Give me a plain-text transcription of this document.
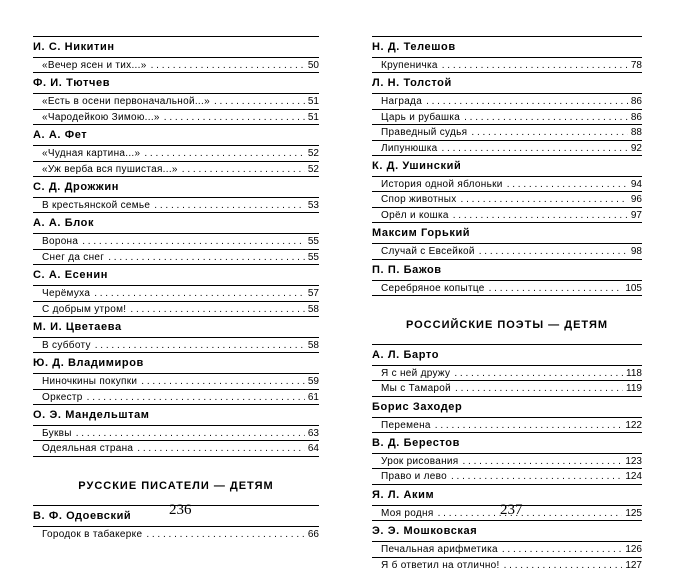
И. С. Никитин
«Вечер ясен и тих...» . . .	50
Ф. И. Тютчев
«Есть в осени первоначальной...» . . .	51
«Чародейкою Зимою...» . . .	51
А. А. Фет
«Чудная картина...» . . .	52
«Уж верба вся пушистая...» . . .	52
С. Д. Дрожжин
В крестьянской семье . . .	53
А. А. Блок
Ворона . . .	55
Снег да снег . . .	55
С. А. Есенин
Черёмуха . . .	57
С добрым утром! . . .	58
М. И. Цветаева
В субботу . . .	58
Ю. Д. Владимиров
Ниночкины покупки . . .	59
Оркестр . . .	61
О. Э. Мандельштам
Буквы . . .	63
Одеяльная страна . . .	64
РУССКИЕ ПИСАТЕЛИ — ДЕТЯМ
В. Ф. Одоевский
Городок в табакерке . . .	66
Н. Д. Телешов
Крупеничка . . .	78
Л. Н. Толстой
Награда . . .	86
Царь и рубашка . . .	86
Праведный судья . . .	88
Липунюшка . . .	92
К. Д. Ушинский
История одной яблоньки . . .	94
Спор животных . . .	96
Орёл и кошка . . .	97
Максим Горький
Случай с Евсейкой . . .	98
П. П. Бажов
Серебряное копытце . . .	105
РОССИЙСКИЕ ПОЭТЫ — ДЕТЯМ
А. Л. Барто
Я с ней дружу . . .	118
Мы с Тамарой . . .	119
Борис Заходер
Перемена . . .	122
В. Д. Берестов
Урок рисования . . .	123
Право и лево . . .	124
Я. Л. Аким
Моя родня . . .	125
Э. Э. Мошковская
Печальная арифметика . . .	126
Я б ответил на отлично! . . .	127
236	237
